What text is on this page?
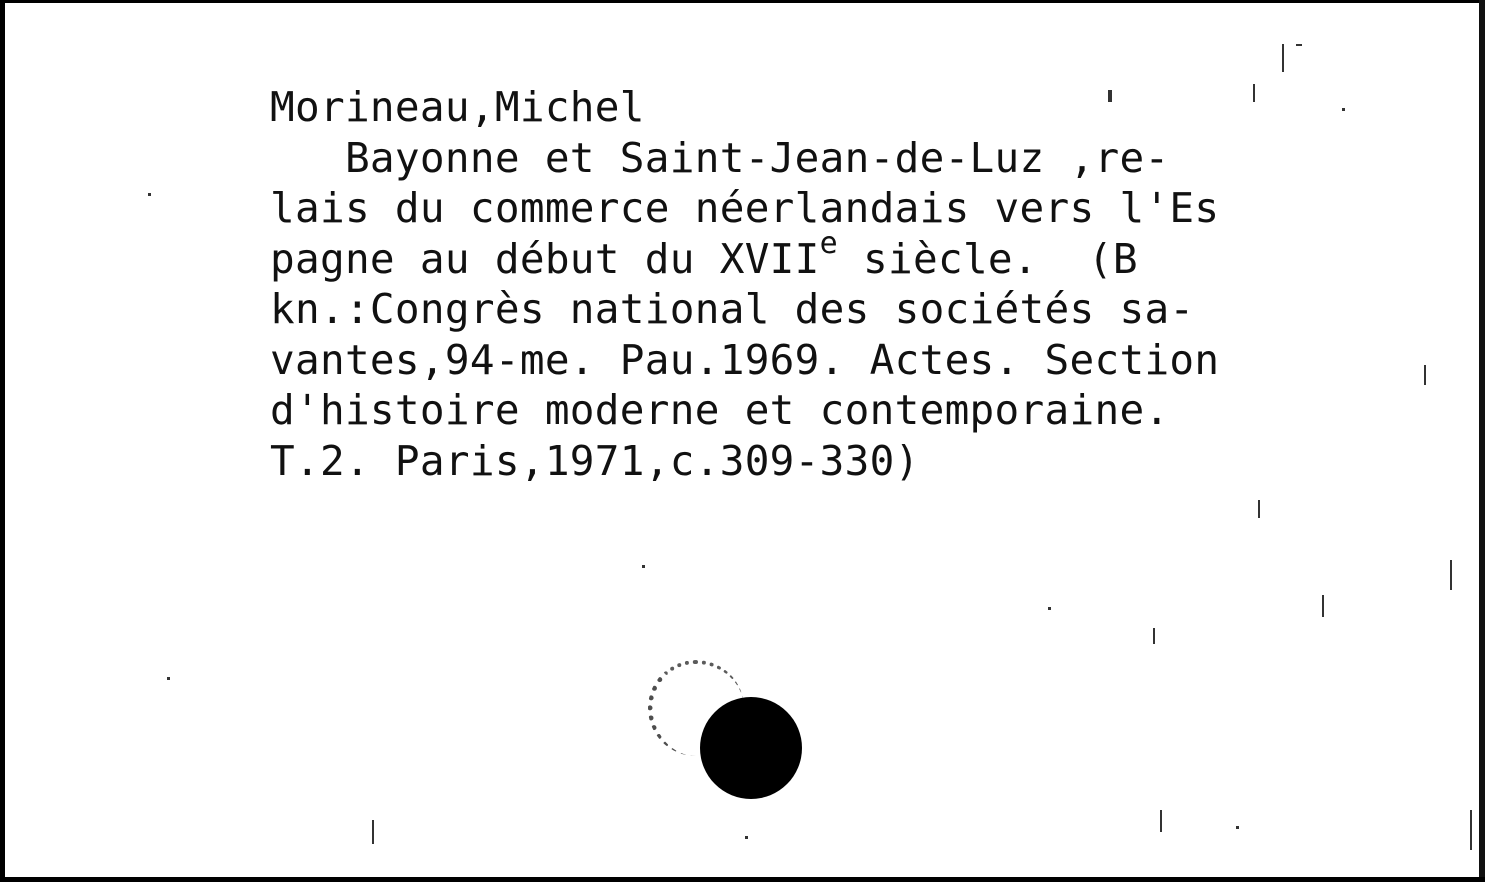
Morineau,Michel
Bayonne et Saint-Jean-de-Luz ,re-
lais du commerce néerlandais vers l'Es
pagne au début du XVIIe siècle.  (B
kn.:Congrès national des sociétés sa-
vantes,94-me. Pau.1969. Actes. Section
d'histoire moderne et contemporaine.
T.2. Paris,1971,c.309-330)
